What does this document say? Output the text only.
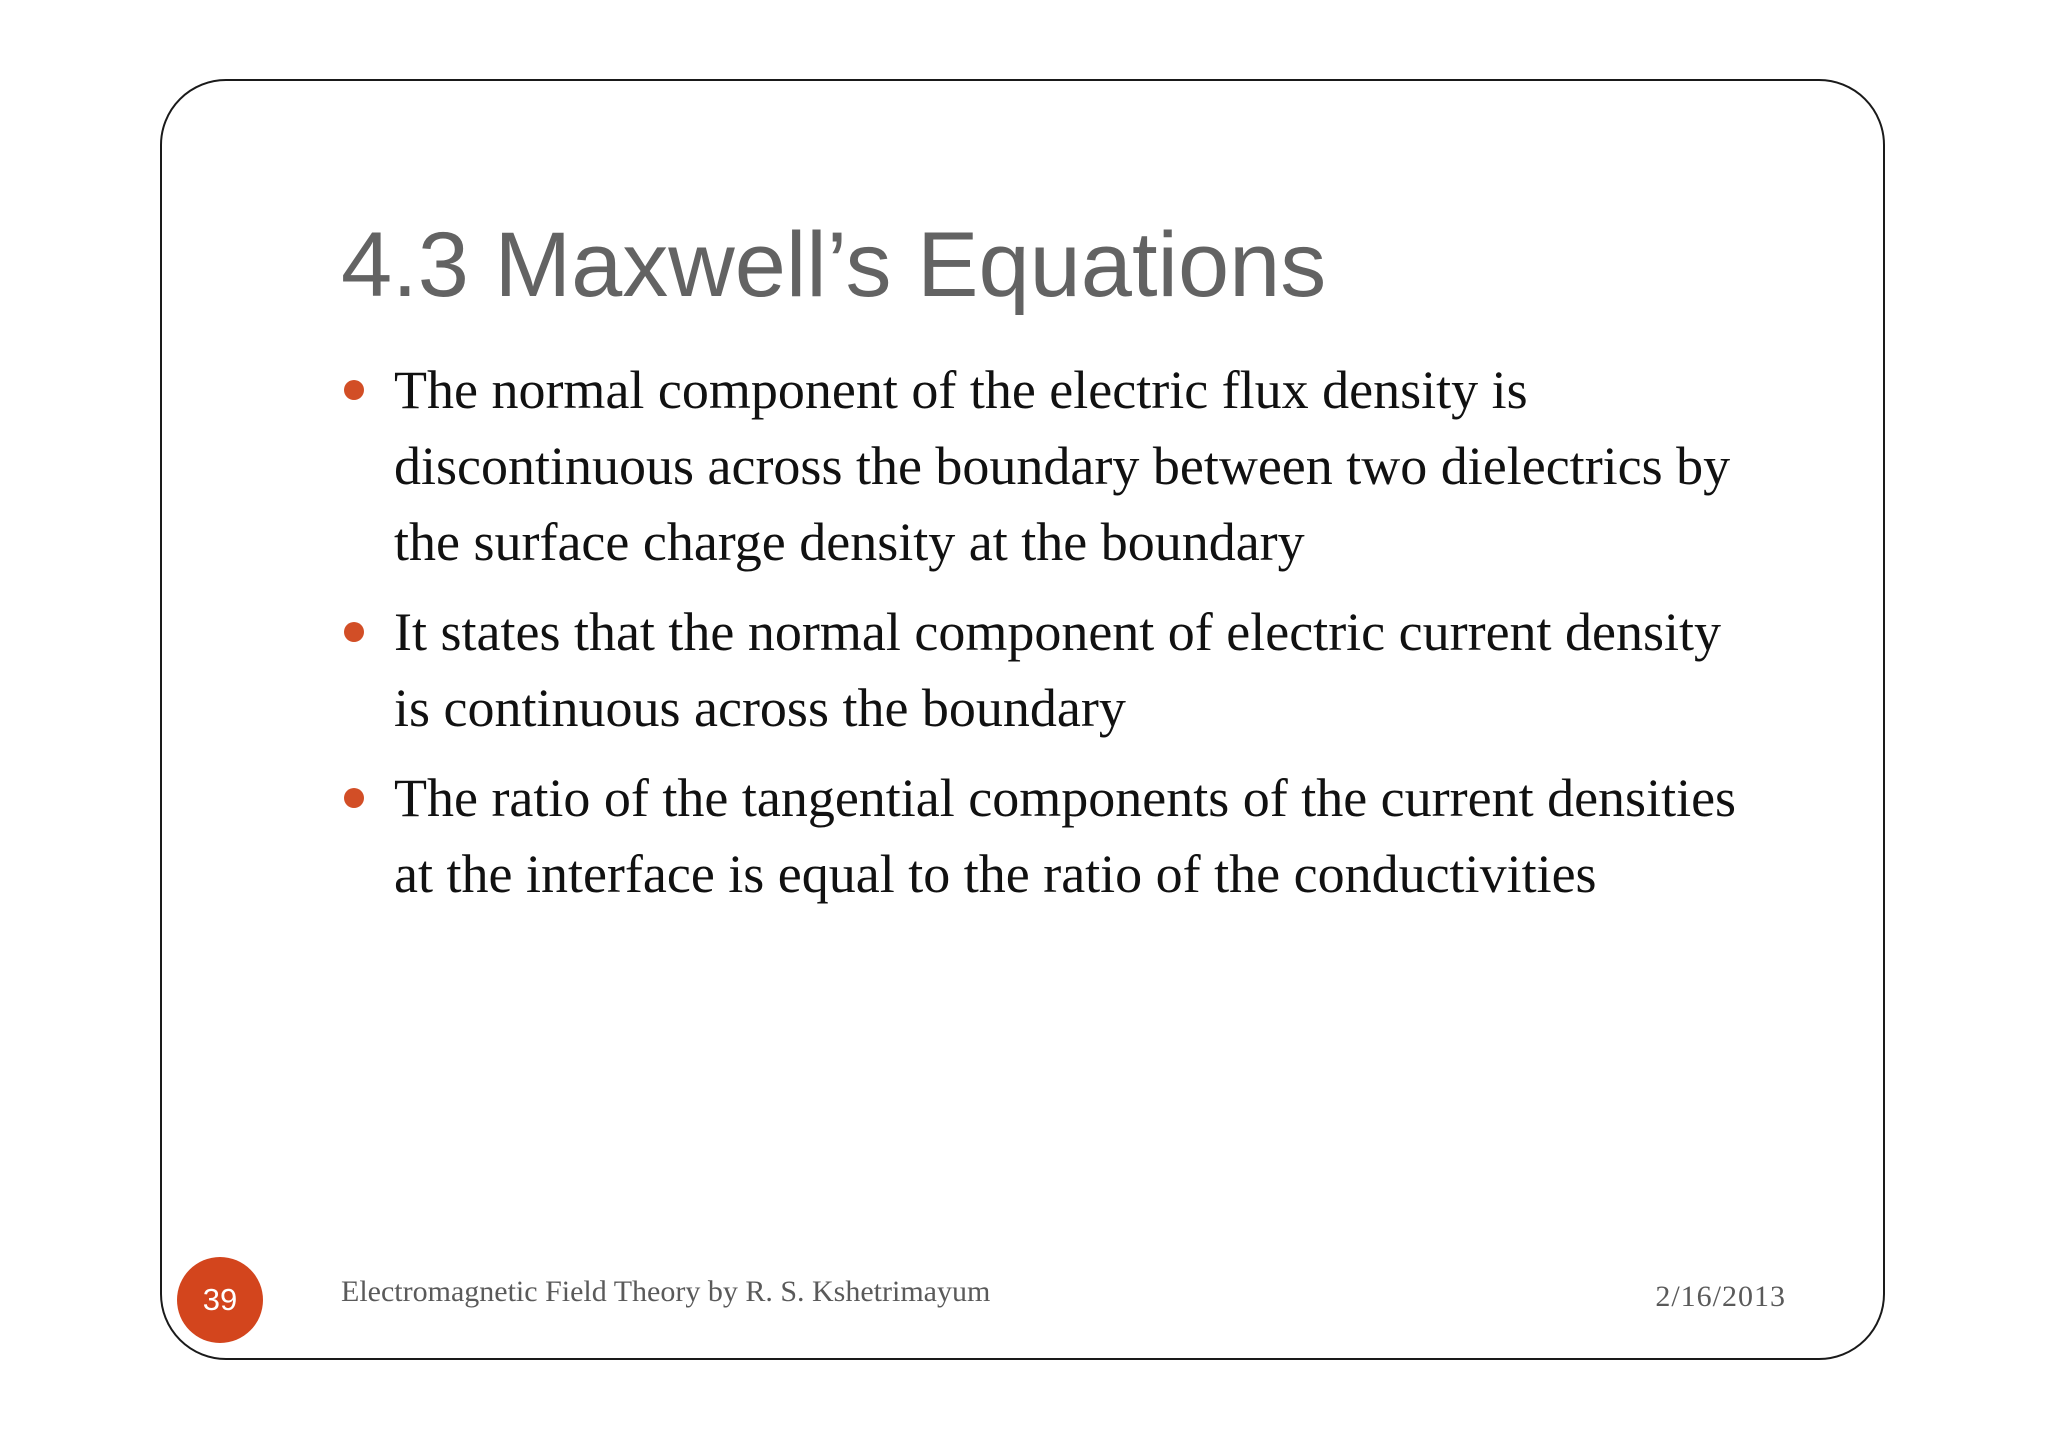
4.3 Maxwell’s Equations
The normal component of the electric flux density is discontinuous across the boundary between two dielectrics by the surface charge density at the boundary
It states that the normal component of electric current density is continuous across the boundary
The ratio of the tangential components of the current densities at the interface is equal to the ratio of the conductivities
39	Electromagnetic Field Theory by R. S. Kshetrimayum	2/16/2013
